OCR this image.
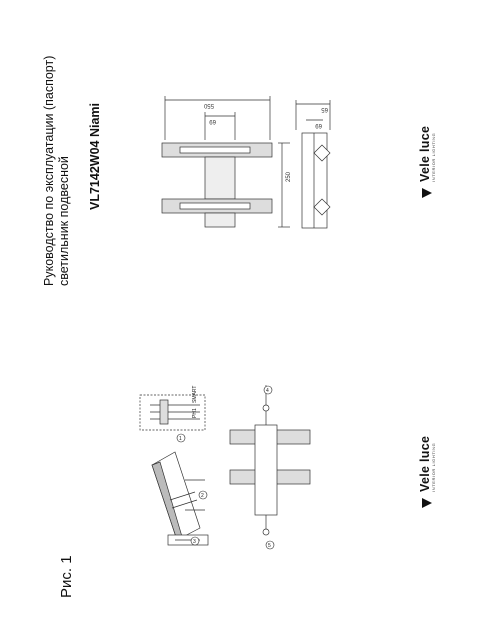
Руководство по эксплуатации (паспорт) светильник подвесной VL7142W04 Niami
Рис. 1
Vele luce INTERIOR LIGHTING
Vele luce INTERIOR LIGHTING
550
69
250
65
69
1
2
3
4
5
PH1
SMART
